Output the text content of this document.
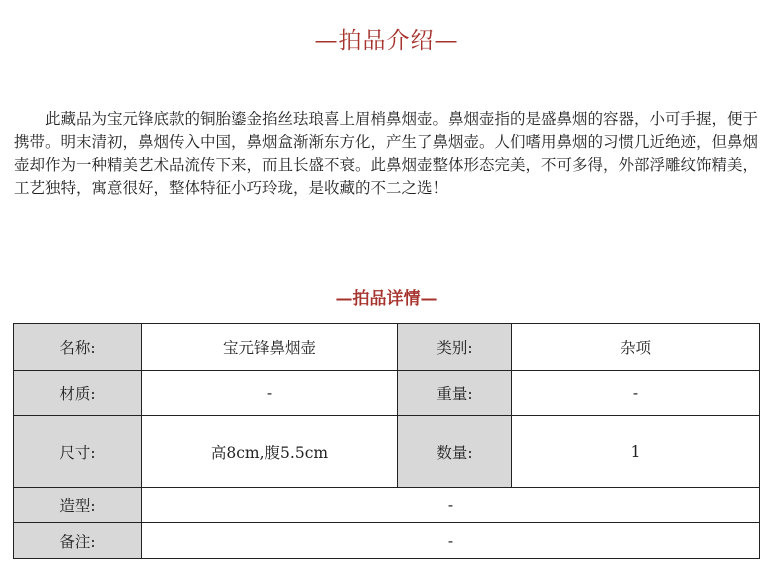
—拍品介绍—

此藏品为宝元锋底款的铜胎鎏金掐丝珐琅喜上眉梢鼻烟壶。鼻烟壶指的是盛鼻烟的容器，小可手握，便于携带。明末清初，鼻烟传入中国，鼻烟盒渐渐东方化，产生了鼻烟壶。人们嗜用鼻烟的习惯几近绝迹，但鼻烟壶却作为一种精美艺术品流传下来，而且长盛不衰。此鼻烟壶整体形态完美，不可多得，外部浮雕纹饰精美，工艺独特，寓意很好，整体特征小巧玲珑，是收藏的不二之选！

—拍品详情—
名称:	宝元锋鼻烟壶	类别:	杂项
材质:	-	重量:	-
尺寸:	高8cm,腹5.5cm	数量:	1
造型:	-		
备注:	-		
